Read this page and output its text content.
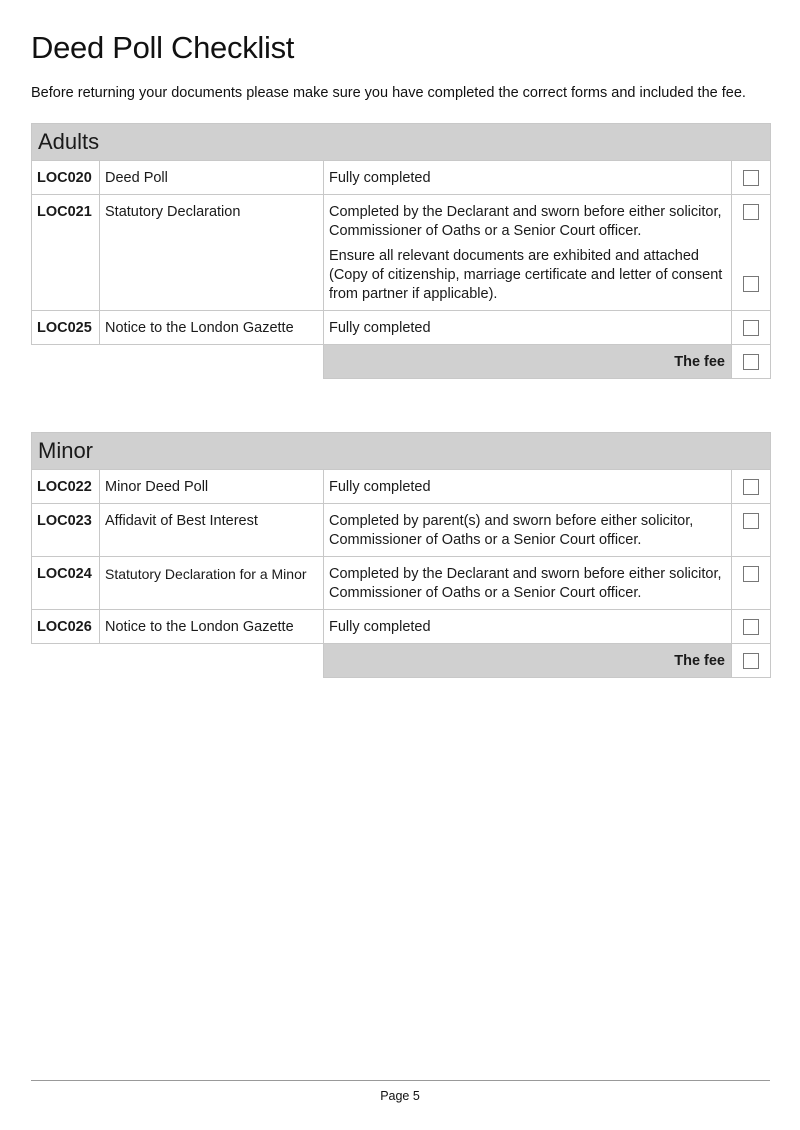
Deed Poll Checklist

Before returning your documents please make sure you have completed the correct forms and included the fee.

Adults			
LOC020	Deed Poll	Fully completed	
LOC021	Statutory Declaration	Completed by the Declarant and sworn before either solicitor, Commissioner of Oaths or a Senior Court officer.	
		Ensure all relevant documents are exhibited and attached (Copy of citizenship, marriage certificate and letter of consent from partner if applicable).	
LOC025	Notice to the London Gazette	Fully completed	
		The fee	
Minor			
LOC022	Minor Deed Poll	Fully completed	
LOC023	Affidavit of Best Interest	Completed by parent(s) and sworn before either solicitor, Commissioner of Oaths or a Senior Court officer.	
LOC024	Statutory Declaration for a Minor	Completed by the Declarant and sworn before either solicitor, Commissioner of Oaths or a Senior Court officer.	
LOC026	Notice to the London Gazette	Fully completed	
		The fee	
Page 5
